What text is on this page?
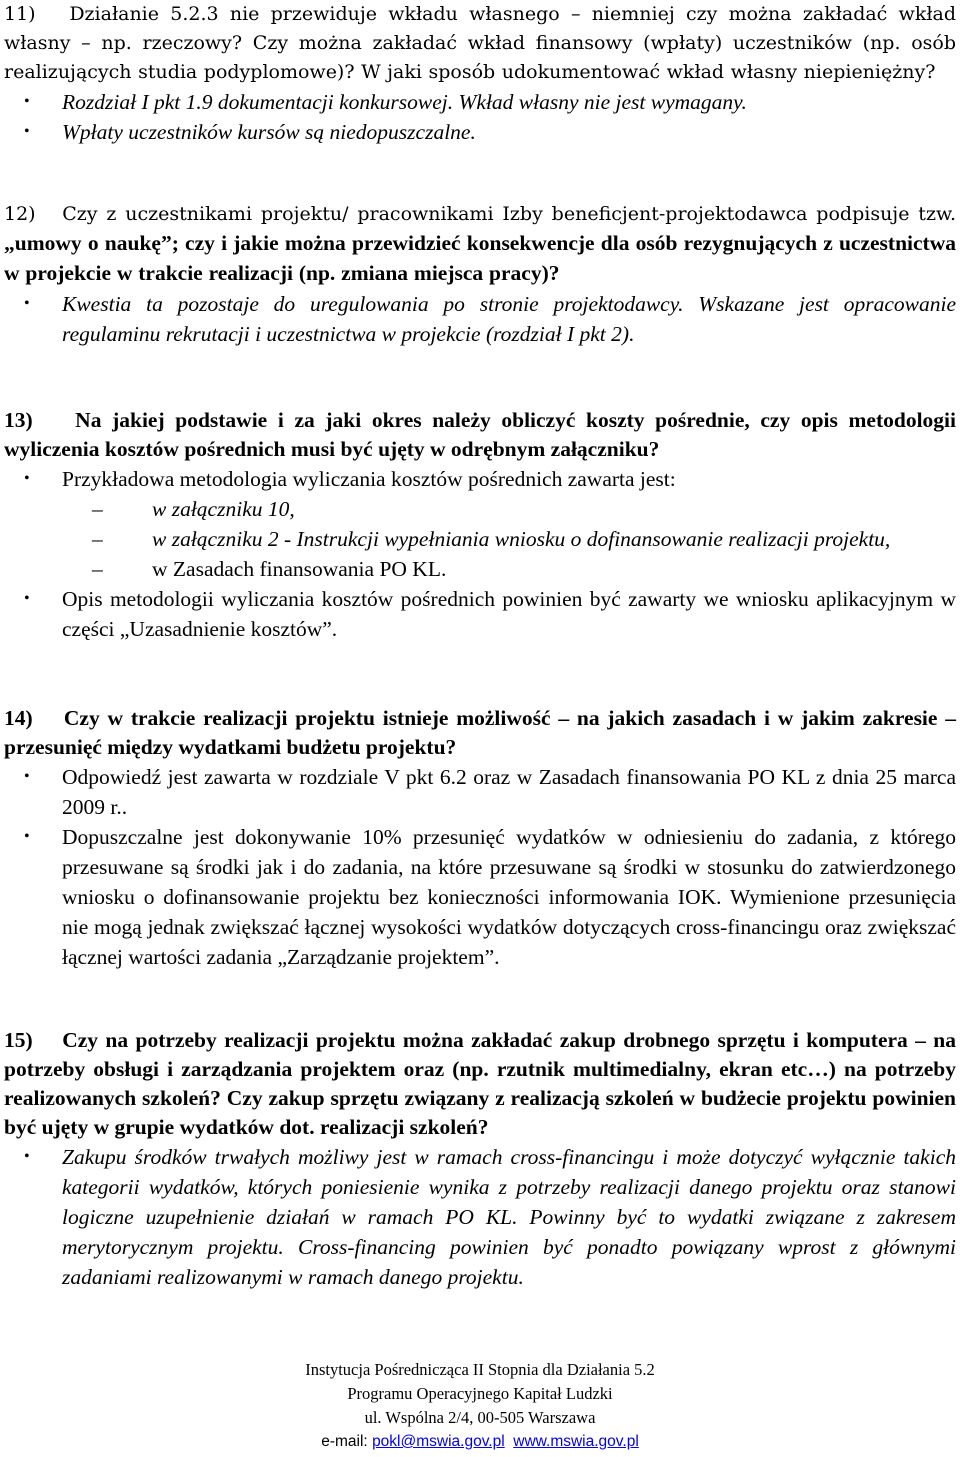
11) Działanie 5.2.3 nie przewiduje wkładu własnego – niemniej czy można zakładać wkład własny – np. rzeczowy? Czy można zakładać wkład finansowy (wpłaty) uczestników (np. osób realizujących studia podyplomowe)? W jaki sposób udokumentować wkład własny niepieniężny?

• Rozdział I pkt 1.9 dokumentacji konkursowej. Wkład własny nie jest wymagany.
• Wpłaty uczestników kursów są niedopuszczalne.

12) Czy z uczestnikami projektu/ pracownikami Izby beneficjent-projektodawca podpisuje tzw. „umowy o naukę”; czy i jakie można przewidzieć konsekwencje dla osób rezygnujących z uczestnictwa w projekcie w trakcie realizacji (np. zmiana miejsca pracy)?

• Kwestia ta pozostaje do uregulowania po stronie projektodawcy. Wskazane jest opracowanie regulaminu rekrutacji i uczestnictwa w projekcie (rozdział I pkt 2).

13) Na jakiej podstawie i za jaki okres należy obliczyć koszty pośrednie, czy opis metodologii wyliczenia kosztów pośrednich musi być ujęty w odrębnym załączniku?

• Przykładowa metodologia wyliczania kosztów pośrednich zawarta jest:
– w załączniku 10,
– w załączniku 2 - Instrukcji wypełniania wniosku o dofinansowanie realizacji projektu,
– w Zasadach finansowania PO KL.
• Opis metodologii wyliczania kosztów pośrednich powinien być zawarty we wniosku aplikacyjnym w części „Uzasadnienie kosztów”.

14) Czy w trakcie realizacji projektu istnieje możliwość – na jakich zasadach i w jakim zakresie – przesunięć między wydatkami budżetu projektu?

• Odpowiedź jest zawarta w rozdziale V pkt 6.2 oraz w Zasadach finansowania PO KL z dnia 25 marca 2009 r..
• Dopuszczalne jest dokonywanie 10% przesunięć wydatków w odniesieniu do zadania, z którego przesuwane są środki jak i do zadania, na które przesuwane są środki w stosunku do zatwierdzonego wniosku o dofinansowanie projektu bez konieczności informowania IOK. Wymienione przesunięcia nie mogą jednak zwiększać łącznej wysokości wydatków dotyczących cross-financingu oraz zwiększać łącznej wartości zadania „Zarządzanie projektem”.

15) Czy na potrzeby realizacji projektu można zakładać zakup drobnego sprzętu i komputera – na potrzeby obsługi i zarządzania projektem oraz (np. rzutnik multimedialny, ekran etc…) na potrzeby realizowanych szkoleń? Czy zakup sprzętu związany z realizacją szkoleń w budżecie projektu powinien być ujęty w grupie wydatków dot. realizacji szkoleń?

• Zakupu środków trwałych możliwy jest w ramach cross-financingu i może dotyczyć wyłącznie takich kategorii wydatków, których poniesienie wynika z potrzeby realizacji danego projektu oraz stanowi logiczne uzupełnienie działań w ramach PO KL. Powinny być to wydatki związane z zakresem merytorycznym projektu. Cross-financing powinien być ponadto powiązany wprost z głównymi zadaniami realizowanymi w ramach danego projektu.
Instytucja Pośrednicząca II Stopnia dla Działania 5.2
Programu Operacyjnego Kapitał Ludzki
ul. Wspólna 2/4, 00-505 Warszawa
e-mail: pokl@mswia.gov.pl www.mswia.gov.pl
